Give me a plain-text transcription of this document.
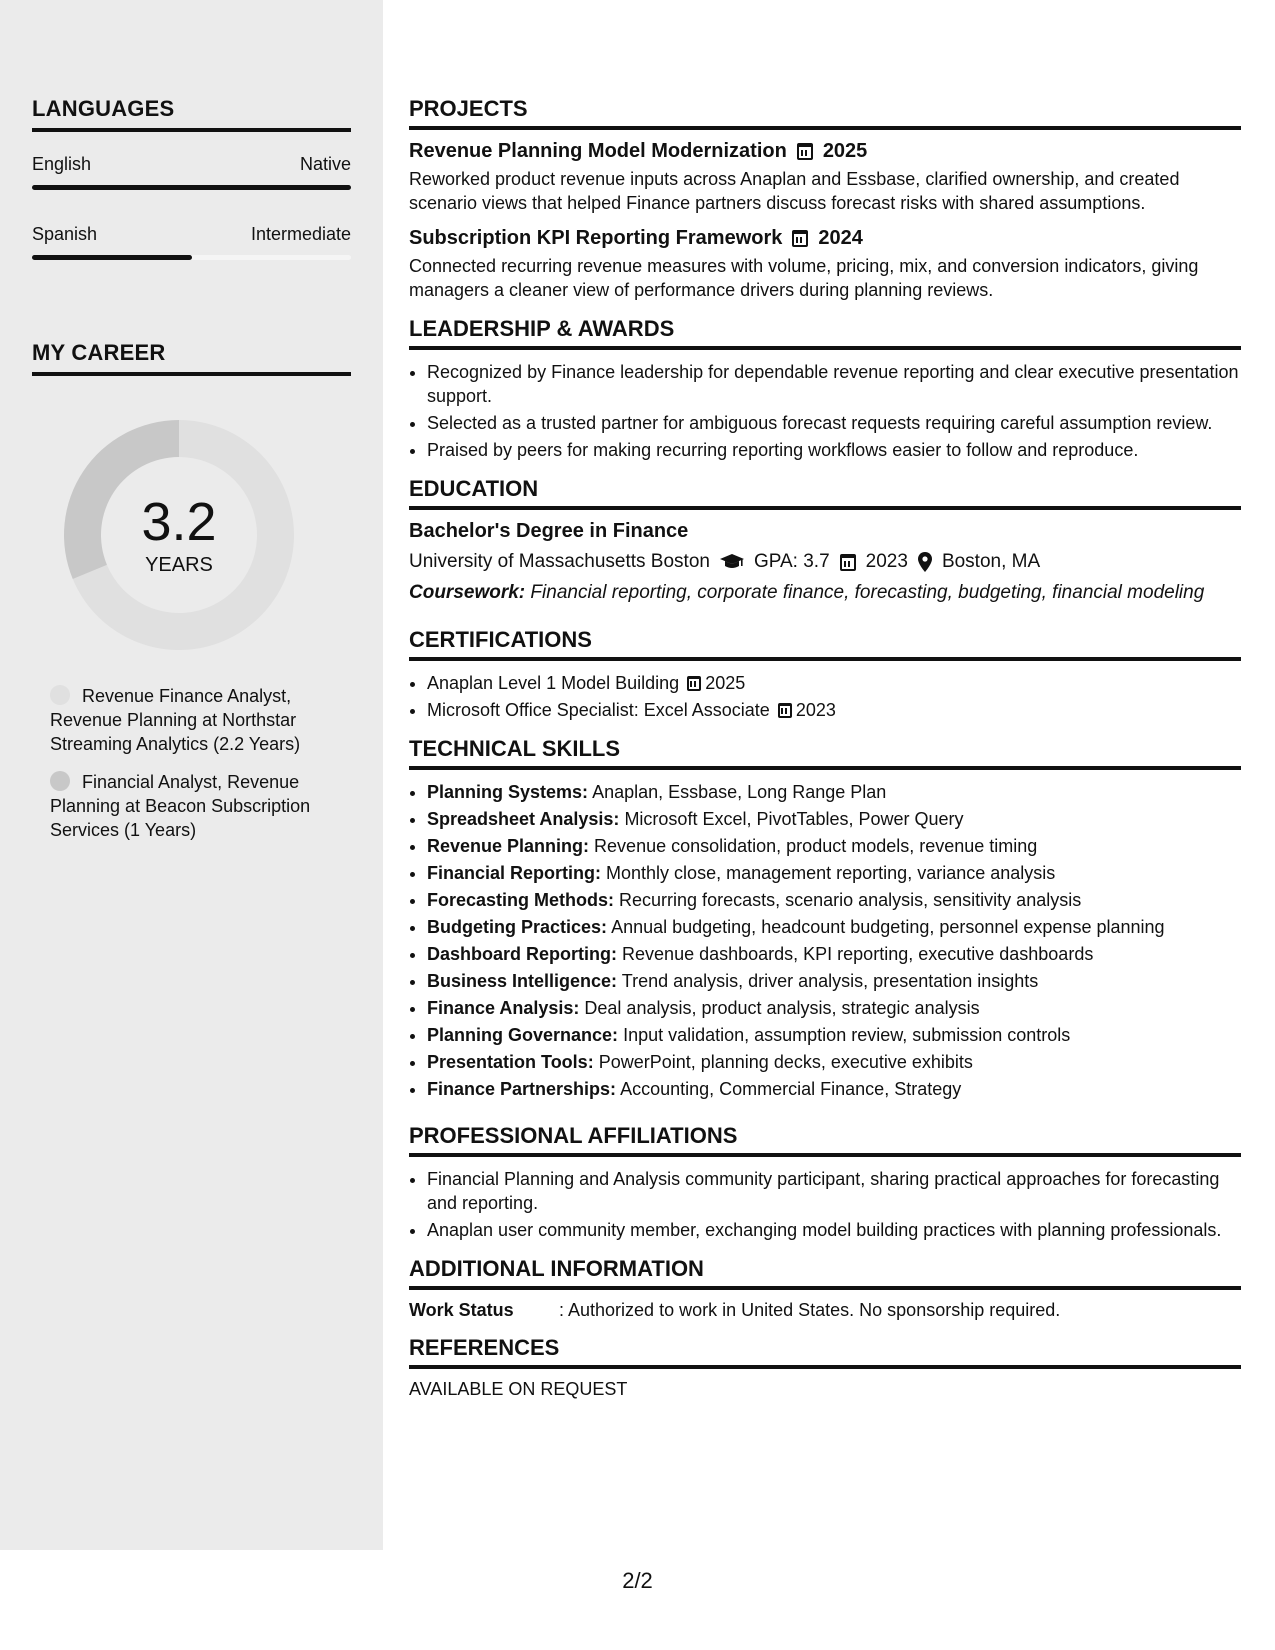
LANGUAGES
English	Native
Spanish	Intermediate
MY CAREER
3.2
YEARS
Revenue Finance Analyst, Revenue Planning at Northstar Streaming Analytics (2.2 Years)
Financial Analyst, Revenue Planning at Beacon Subscription Services (1 Years)
PROJECTS
Revenue Planning Model Modernization 2025
Reworked product revenue inputs across Anaplan and Essbase, clarified ownership, and created scenario views that helped Finance partners discuss forecast risks with shared assumptions.
Subscription KPI Reporting Framework 2024
Connected recurring revenue measures with volume, pricing, mix, and conversion indicators, giving managers a cleaner view of performance drivers during planning reviews.
LEADERSHIP & AWARDS
• Recognized by Finance leadership for dependable revenue reporting and clear executive presentation support.
• Selected as a trusted partner for ambiguous forecast requests requiring careful assumption review.
• Praised by peers for making recurring reporting workflows easier to follow and reproduce.
EDUCATION
Bachelor's Degree in Finance
University of Massachusetts Boston GPA: 3.7 2023 Boston, MA
Coursework: Financial reporting, corporate finance, forecasting, budgeting, financial modeling
CERTIFICATIONS
• Anaplan Level 1 Model Building 2025
• Microsoft Office Specialist: Excel Associate 2023
TECHNICAL SKILLS
• Planning Systems: Anaplan, Essbase, Long Range Plan
• Spreadsheet Analysis: Microsoft Excel, PivotTables, Power Query
• Revenue Planning: Revenue consolidation, product models, revenue timing
• Financial Reporting: Monthly close, management reporting, variance analysis
• Forecasting Methods: Recurring forecasts, scenario analysis, sensitivity analysis
• Budgeting Practices: Annual budgeting, headcount budgeting, personnel expense planning
• Dashboard Reporting: Revenue dashboards, KPI reporting, executive dashboards
• Business Intelligence: Trend analysis, driver analysis, presentation insights
• Finance Analysis: Deal analysis, product analysis, strategic analysis
• Planning Governance: Input validation, assumption review, submission controls
• Presentation Tools: PowerPoint, planning decks, executive exhibits
• Finance Partnerships: Accounting, Commercial Finance, Strategy
PROFESSIONAL AFFILIATIONS
• Financial Planning and Analysis community participant, sharing practical approaches for forecasting and reporting.
• Anaplan user community member, exchanging model building practices with planning professionals.
ADDITIONAL INFORMATION
Work Status	: Authorized to work in United States. No sponsorship required.
REFERENCES
AVAILABLE ON REQUEST
2/2
